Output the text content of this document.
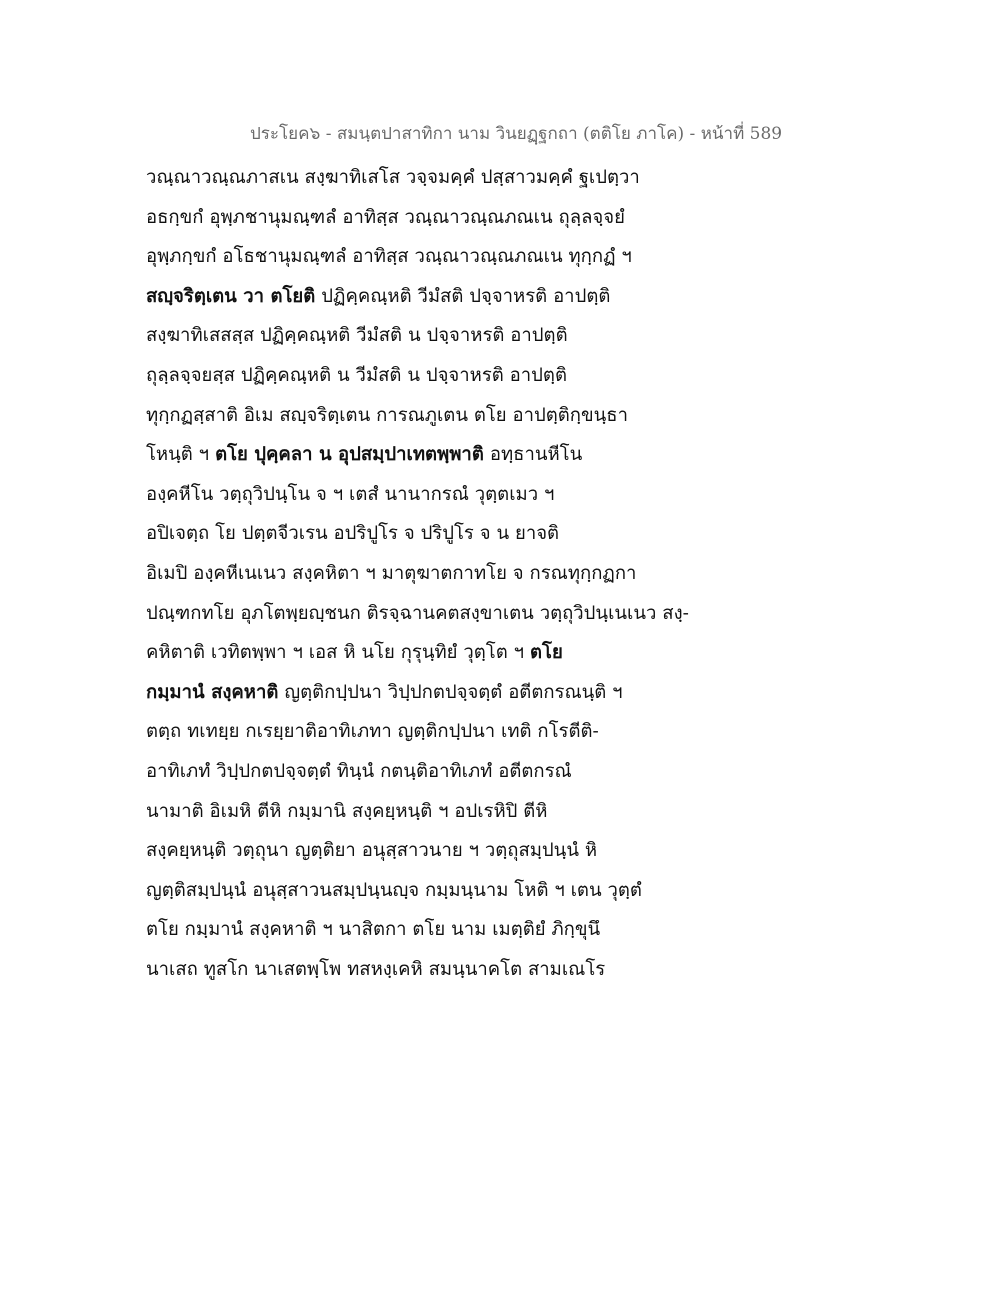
ประโยค๖ - สมนฺตปาสาทิกา นาม วินยฏฺฐกถา (ตติโย ภาโค) - หน้าที่ 589
วณฺณาวณฺณภาสเน สงฺฆาทิเสโส วจฺจมคฺคํ ปสฺสาวมคฺคํ ฐเปตฺวา
อธกฺขกํ อุพฺภชานุมณฺฑลํ อาทิสฺส วณฺณาวณฺณภณเน ถุลฺลจฺจยํ
อุพฺภกฺขกํ อโธชานุมณฺฑลํ อาทิสฺส วณฺณาวณฺณภณเน ทุกฺกฏํ ฯ
สญฺจริตฺเตน วา ตโยติ ปฏิคฺคณฺหติ วีมํสติ ปจฺจาหรติ อาปตฺติ
สงฺฆาทิเสสสฺส ปฏิคฺคณฺหติ วีมํสติ น ปจฺจาหรติ อาปตฺติ
ถุลฺลจฺจยสฺส ปฏิคฺคณฺหติ น วีมํสติ น ปจฺจาหรติ อาปตฺติ
ทุกฺกฏสฺสาติ อิเม สญฺจริตฺเตน การณภูเตน ตโย อาปตฺติกฺขนฺธา
โหนฺติ ฯ ตโย ปุคฺคลา น อุปสมฺปาเทตพฺพาติ อทฺธานหีโน
องฺคหีโน วตฺถุวิปนฺโน จ ฯ เตสํ นานากรณํ วุตฺตเมว ฯ
อปิเจตฺถ โย ปตฺตจีวเรน อปริปูโร จ ปริปูโร จ น ยาจติ
อิเมปิ องฺคหีเนเนว สงฺคหิตา ฯ มาตุฆาตกาทโย จ กรณทุกฺกฏกา
ปณฺฑกทโย อุภโตพฺยญฺชนก ติรจฺฉานคตสงฺขาเตน วตฺถุวิปนฺเนเนว สงฺ-
คหิตาติ เวทิตพฺพา ฯ เอส หิ นโย กุรุนฺทิยํ วุตฺโต ฯ ตโย
กมฺมานํ สงฺคหาติ ญตฺติกปฺปนา วิปฺปกตปจฺจตฺตํ อตีตกรณนฺติ ฯ
ตตฺถ ทเทยฺย กเรยฺยาติอาทิเภทา ญตฺติกปฺปนา เทติ กโรตีติ-
อาทิเภทํ วิปฺปกตปจฺจตฺตํ ทินฺนํ กตนฺติอาทิเภทํ อตีตกรณํ
นามาติ อิเมหิ ตีหิ กมฺมานิ สงฺคยฺหนฺติ ฯ อปเรหิปิ ตีหิ
สงฺคยฺหนฺติ วตฺถุนา ญตฺติยา อนุสฺสาวนาย ฯ วตฺถุสมฺปนฺนํ หิ
ญตฺติสมฺปนฺนํ อนุสฺสาวนสมฺปนฺนญฺจ กมฺมนฺนาม โหติ ฯ เตน วุตฺตํ
ตโย กมฺมานํ สงฺคหาติ ฯ นาสิตกา ตโย นาม เมตฺติยํ ภิกฺขุนึ
นาเสถ ทูสโก นาเสตพฺโพ ทสหงฺเคหิ สมนฺนาคโต สามเณโร
